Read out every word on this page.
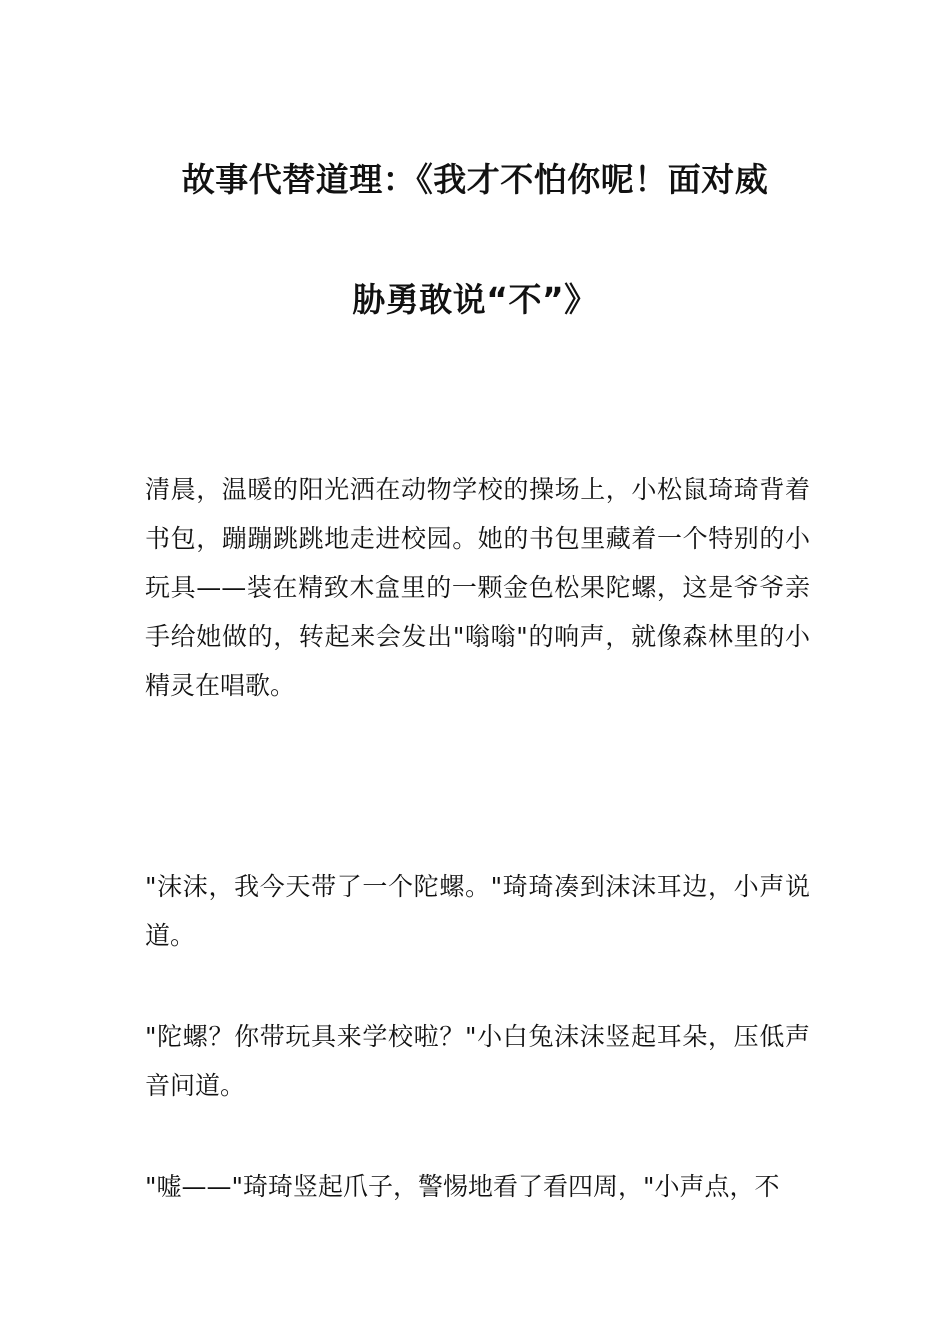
故事代替道理：《我才不怕你呢！面对威
胁勇敢说“不”》

清晨，温暖的阳光洒在动物学校的操场上，小松鼠琦琦背着书包，蹦蹦跳跳地走进校园。她的书包里藏着一个特别的小玩具——装在精致木盒里的一颗金色松果陀螺，这是爷爷亲手给她做的，转起来会发出"嗡嗡"的响声，就像森林里的小精灵在唱歌。

"沫沫，我今天带了一个陀螺。"琦琦凑到沫沫耳边，小声说道。

"陀螺？你带玩具来学校啦？"小白兔沫沫竖起耳朵，压低声音问道。

"嘘——"琦琦竖起爪子，警惕地看了看四周，"小声点，不
